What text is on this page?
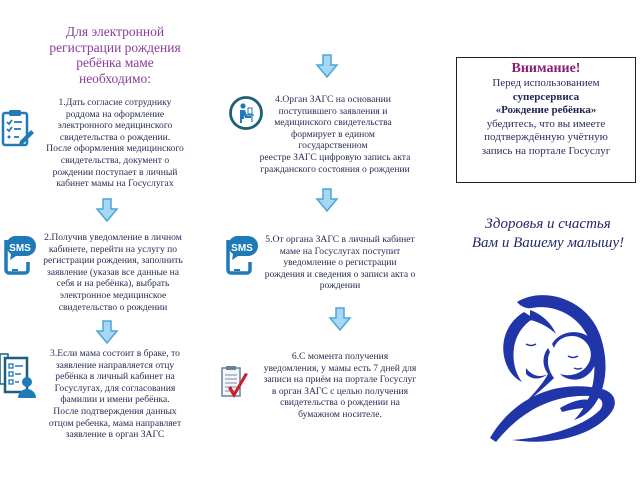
Для электронной
регистрации рождения
ребёнка маме
необходимо:
1.Дать согласие сотруднику
роддома на оформление
электронного медицинского
свидетельства о рождении.
После оформления медицинского
свидетельства, документ о
рождении поступает в личный
кабинет мамы на Госуслугах
SMS
2.Получив уведомление в личном
кабинете, перейти на услугу по
регистрации рождения, заполнить
заявление (указав все данные на
себя и на ребёнка), выбрать
электронное медицинское
свидетельство о рождении
3.Если мама состоит в браке, то
заявление направляется отцу
ребёнка в личный кабинет на
Госуслугах, для согласования
фамилии и имени ребёнка.
После подтверждения данных
отцом ребенка, мама направляет
заявление в орган ЗАГС
4.Орган ЗАГС на основании
поступившего заявления и
медицинского свидетельства
формирует в едином
государственном
реестре ЗАГС цифровую запись акта
гражданского состояния о рождении
SMS
5.От органа ЗАГС в личный кабинет
маме на Госуслугах поступит
уведомление о регистрации
рождения и сведения о записи акта о
рождении
6.С момента получения
уведомления, у мамы есть 7 дней для
записи на приём на портале Госуслуг
в орган ЗАГС с целью получения
свидетельства о рождении на
бумажном носителе.
Внимание!
Перед использованием
суперсервиса
«Рождение ребёнка»
убедитесь, что вы имеете
подтверждённую учётную
запись на портале Госуслуг
Здоровья и счастья
Вам и Вашему малышу!
